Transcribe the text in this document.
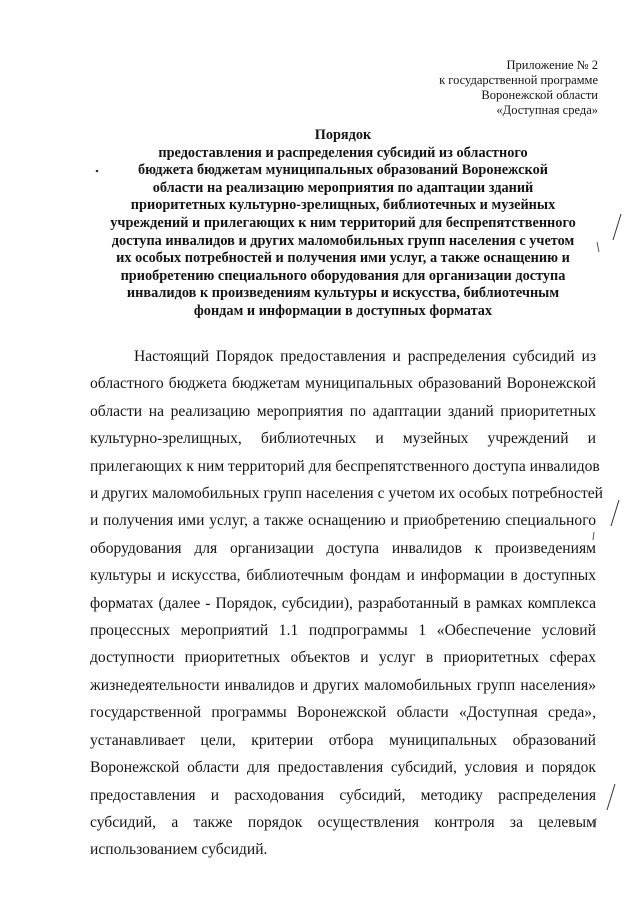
Приложение № 2
к государственной программе
Воронежской области
«Доступная среда»
Порядок
предоставления и распределения субсидий из областного
бюджета бюджетам муниципальных образований Воронежской
области на реализацию мероприятия по адаптации зданий
приоритетных культурно-зрелищных, библиотечных и музейных
учреждений и прилегающих к ним территорий для беспрепятственного
доступа инвалидов и других маломобильных групп населения с учетом
их особых потребностей и получения ими услуг, а также оснащению и
приобретению специального оборудования для организации доступа
инвалидов к произведениям культуры и искусства, библиотечным
фондам и информации в доступных форматах
Настоящий Порядок предоставления и распределения субсидий из
областного бюджета бюджетам муниципальных образований Воронежской
области на реализацию мероприятия по адаптации зданий приоритетных
культурно-зрелищных, библиотечных и музейных учреждений и
прилегающих к ним территорий для беспрепятственного доступа инвалидов
и других маломобильных групп населения с учетом их особых потребностей
и получения ими услуг, а также оснащению и приобретению специального
оборудования для организации доступа инвалидов к произведениям
культуры и искусства, библиотечным фондам и информации в доступных
форматах (далее - Порядок, субсидии), разработанный в рамках комплекса
процессных мероприятий 1.1 подпрограммы 1 «Обеспечение условий
доступности приоритетных объектов и услуг в приоритетных сферах
жизнедеятельности инвалидов и других маломобильных групп населения»
государственной программы Воронежской области «Доступная среда»,
устанавливает цели, критерии отбора муниципальных образований
Воронежской области для предоставления субсидий, условия и порядок
предоставления и расходования субсидий, методику распределения
субсидий, а также порядок осуществления контроля за целевым
использованием субсидий.
